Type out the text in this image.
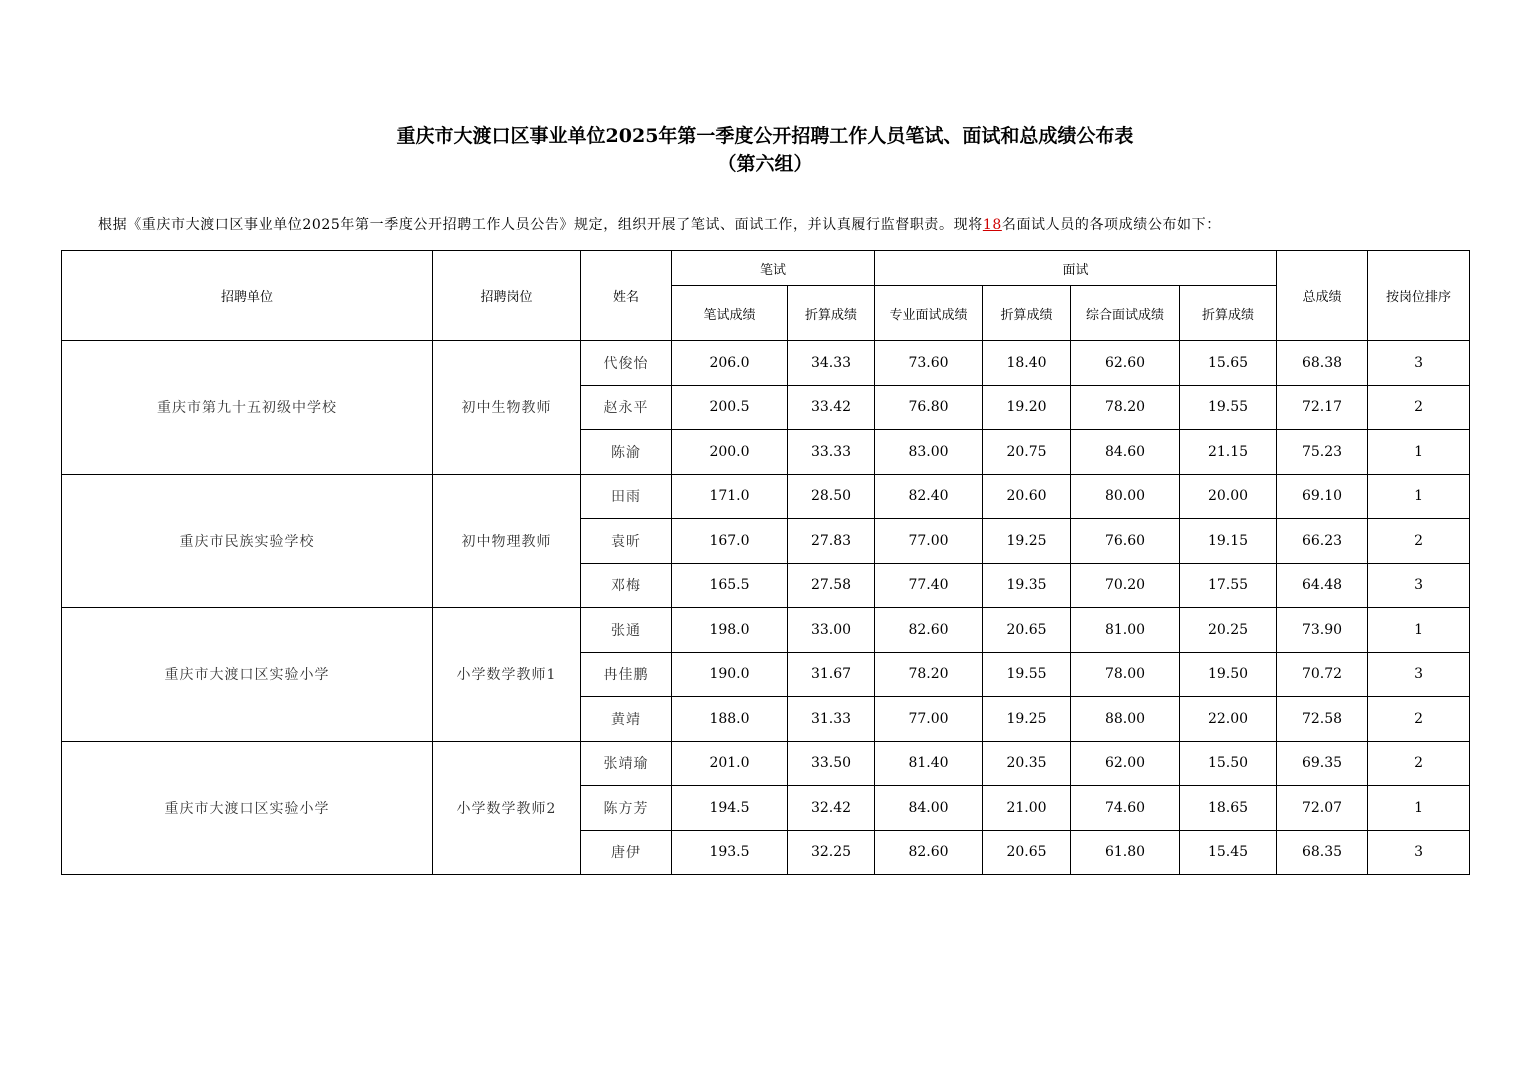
重庆市大渡口区事业单位2025年第一季度公开招聘工作人员笔试、面试和总成绩公布表
（第六组）
根据《重庆市大渡口区事业单位2025年第一季度公开招聘工作人员公告》规定，组织开展了笔试、面试工作，并认真履行监督职责。现将18名面试人员的各项成绩公布如下：
招聘单位	招聘岗位	姓名	笔试		面试				总成绩	按岗位排序
			笔试成绩	折算成绩	专业面试成绩	折算成绩	综合面试成绩	折算成绩		
重庆市第九十五初级中学校	初中生物教师	代俊怡	206.0	34.33	73.60	18.40	62.60	15.65	68.38	3
		赵永平	200.5	33.42	76.80	19.20	78.20	19.55	72.17	2
		陈渝	200.0	33.33	83.00	20.75	84.60	21.15	75.23	1
重庆市民族实验学校	初中物理教师	田雨	171.0	28.50	82.40	20.60	80.00	20.00	69.10	1
		袁昕	167.0	27.83	77.00	19.25	76.60	19.15	66.23	2
		邓梅	165.5	27.58	77.40	19.35	70.20	17.55	64.48	3
重庆市大渡口区实验小学	小学数学教师1	张通	198.0	33.00	82.60	20.65	81.00	20.25	73.90	1
		冉佳鹏	190.0	31.67	78.20	19.55	78.00	19.50	70.72	3
		黄靖	188.0	31.33	77.00	19.25	88.00	22.00	72.58	2
重庆市大渡口区实验小学	小学数学教师2	张靖瑜	201.0	33.50	81.40	20.35	62.00	15.50	69.35	2
		陈方芳	194.5	32.42	84.00	21.00	74.60	18.65	72.07	1
		唐伊	193.5	32.25	82.60	20.65	61.80	15.45	68.35	3
